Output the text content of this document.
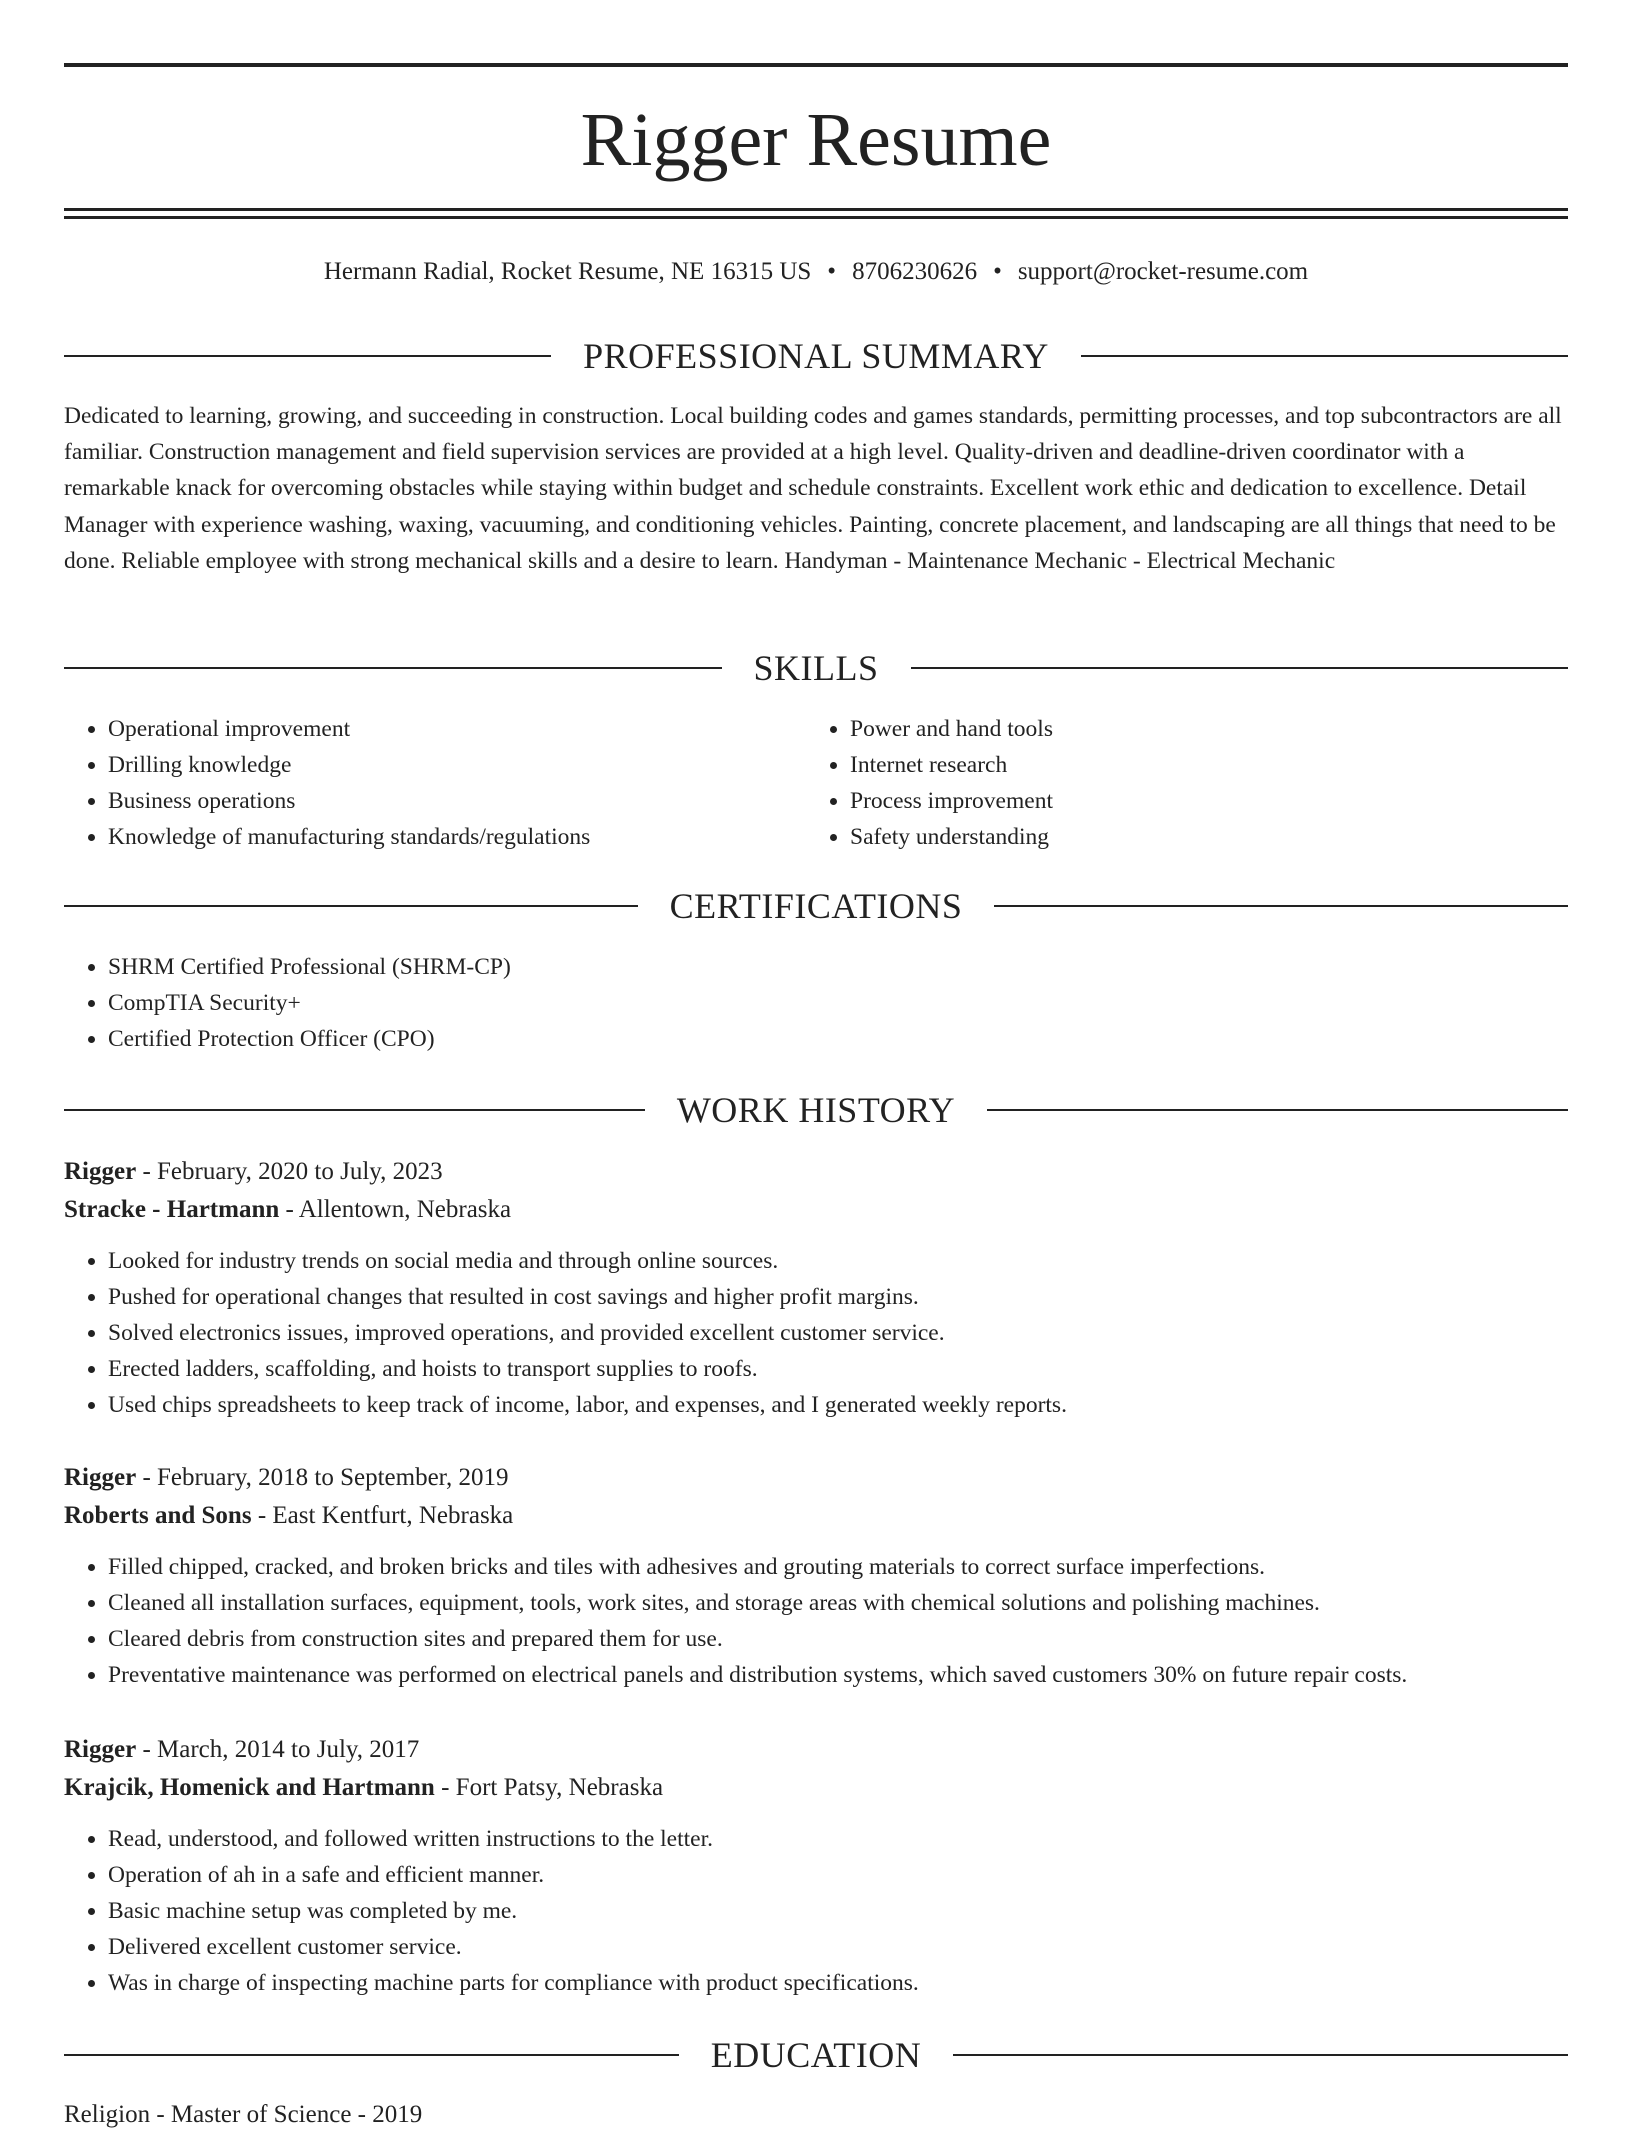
Rigger Resume
Hermann Radial, Rocket Resume, NE 16315 US • 8706230626 • support@rocket-resume.com
PROFESSIONAL SUMMARY

Dedicated to learning, growing, and succeeding in construction. Local building codes and games standards, permitting processes, and top subcontractors are all familiar. Construction management and field supervision services are provided at a high level. Quality-driven and deadline-driven coordinator with a remarkable knack for overcoming obstacles while staying within budget and schedule constraints. Excellent work ethic and dedication to excellence. Detail Manager with experience washing, waxing, vacuuming, and conditioning vehicles. Painting, concrete placement, and landscaping are all things that need to be done. Reliable employee with strong mechanical skills and a desire to learn. Handyman - Maintenance Mechanic - Electrical Mechanic

SKILLS
• Operational improvement
• Drilling knowledge
• Business operations
• Knowledge of manufacturing standards/regulations
• Power and hand tools
• Internet research
• Process improvement
• Safety understanding
CERTIFICATIONS
• SHRM Certified Professional (SHRM-CP)
• CompTIA Security+
• Certified Protection Officer (CPO)
WORK HISTORY

Rigger - February, 2020 to July, 2023

Stracke - Hartmann - Allentown, Nebraska

• Looked for industry trends on social media and through online sources.
• Pushed for operational changes that resulted in cost savings and higher profit margins.
• Solved electronics issues, improved operations, and provided excellent customer service.
• Erected ladders, scaffolding, and hoists to transport supplies to roofs.
• Used chips spreadsheets to keep track of income, labor, and expenses, and I generated weekly reports.

Rigger - February, 2018 to September, 2019

Roberts and Sons - East Kentfurt, Nebraska

• Filled chipped, cracked, and broken bricks and tiles with adhesives and grouting materials to correct surface imperfections.
• Cleaned all installation surfaces, equipment, tools, work sites, and storage areas with chemical solutions and polishing machines.
• Cleared debris from construction sites and prepared them for use.
• Preventative maintenance was performed on electrical panels and distribution systems, which saved customers 30% on future repair costs.

Rigger - March, 2014 to July, 2017

Krajcik, Homenick and Hartmann - Fort Patsy, Nebraska

• Read, understood, and followed written instructions to the letter.
• Operation of ah in a safe and efficient manner.
• Basic machine setup was completed by me.
• Delivered excellent customer service.
• Was in charge of inspecting machine parts for compliance with product specifications.
EDUCATION

Religion - Master of Science - 2019
